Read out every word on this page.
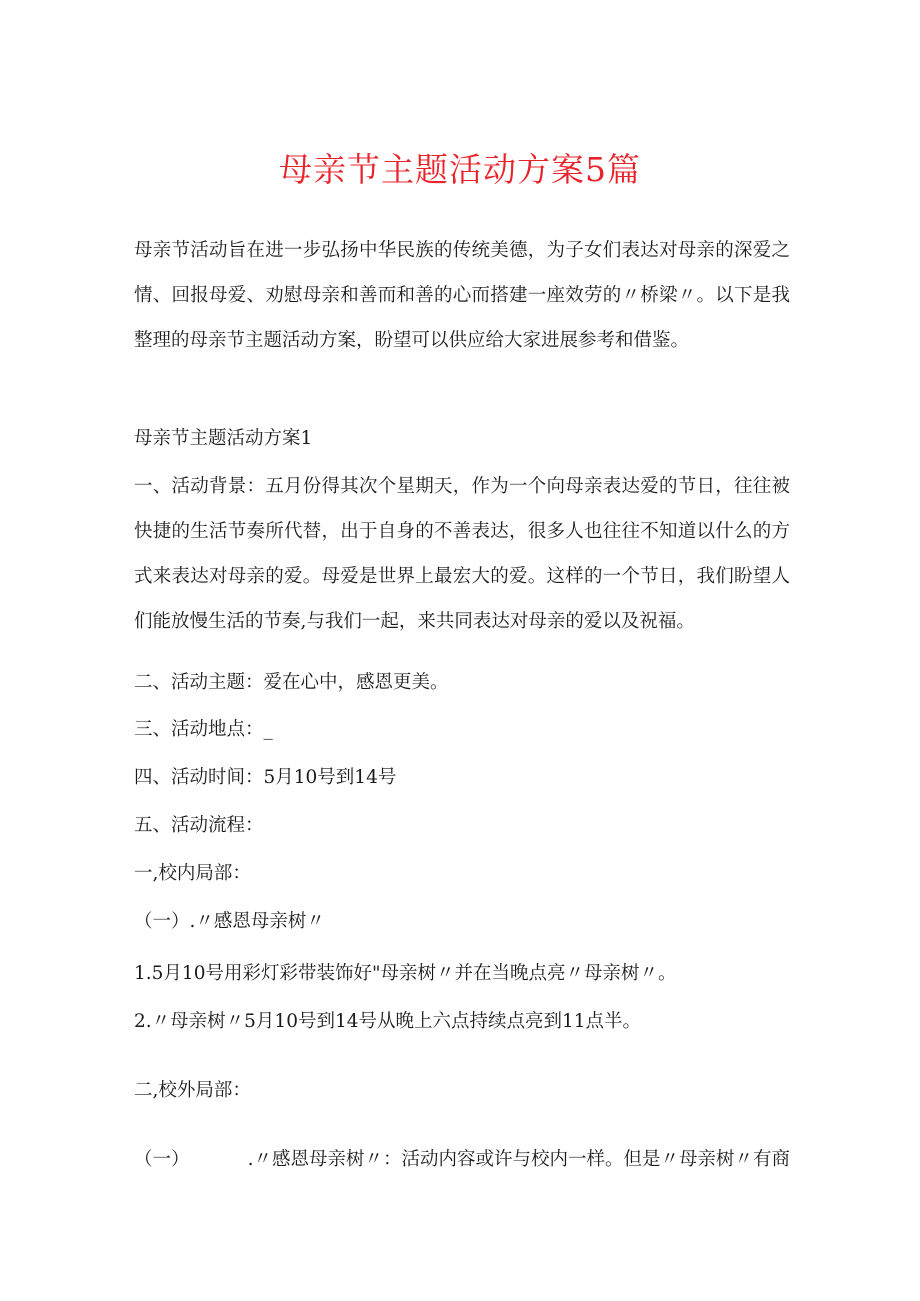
母亲节主题活动方案5篇

母亲节活动旨在进一步弘扬中华民族的传统美德，为子女们表达对母亲的深爱之情、回报母爱、劝慰母亲和善而和善的心而搭建一座效劳的〃桥梁〃。以下是我整理的母亲节主题活动方案，盼望可以供应给大家进展参考和借鉴。

母亲节主题活动方案1

一、活动背景：五月份得其次个星期天，作为一个向母亲表达爱的节日，往往被快捷的生活节奏所代替，出于自身的不善表达，很多人也往往不知道以什么的方式来表达对母亲的爱。母爱是世界上最宏大的爱。这样的一个节日，我们盼望人们能放慢生活的节奏,与我们一起，来共同表达对母亲的爱以及祝福。

二、活动主题：爱在心中，感恩更美。

三、活动地点：_

四、活动时间：5月10号到14号

五、活动流程：

一,校内局部：

（一）.〃感恩母亲树〃

1.5月10号用彩灯彩带装饰好"母亲树〃并在当晚点亮〃母亲树〃。

2.〃母亲树〃5月10号到14号从晚上六点持续点亮到11点半。

二,校外局部：

（一）	.〃感恩母亲树〃：活动内容或许与校内一样。但是〃母亲树〃有商
